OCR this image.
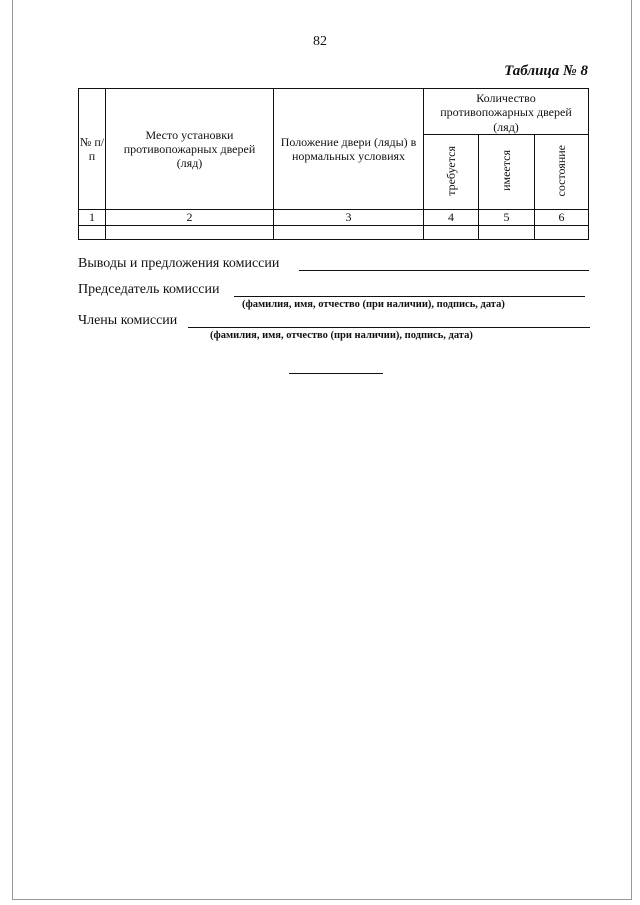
82
Таблица № 8
№ п/п	Место установки противопожарных дверей (ляд)	Положение двери (ляды) в нормальных условиях	Количество противопожарных дверей (ляд)		
			требуется	имеется	состояние
1	2	3	4	5	6

Выводы и предложения комиссии
Председатель комиссии
(фамилия, имя, отчество (при наличии), подпись, дата)
Члены комиссии
(фамилия, имя, отчество (при наличии), подпись, дата)
